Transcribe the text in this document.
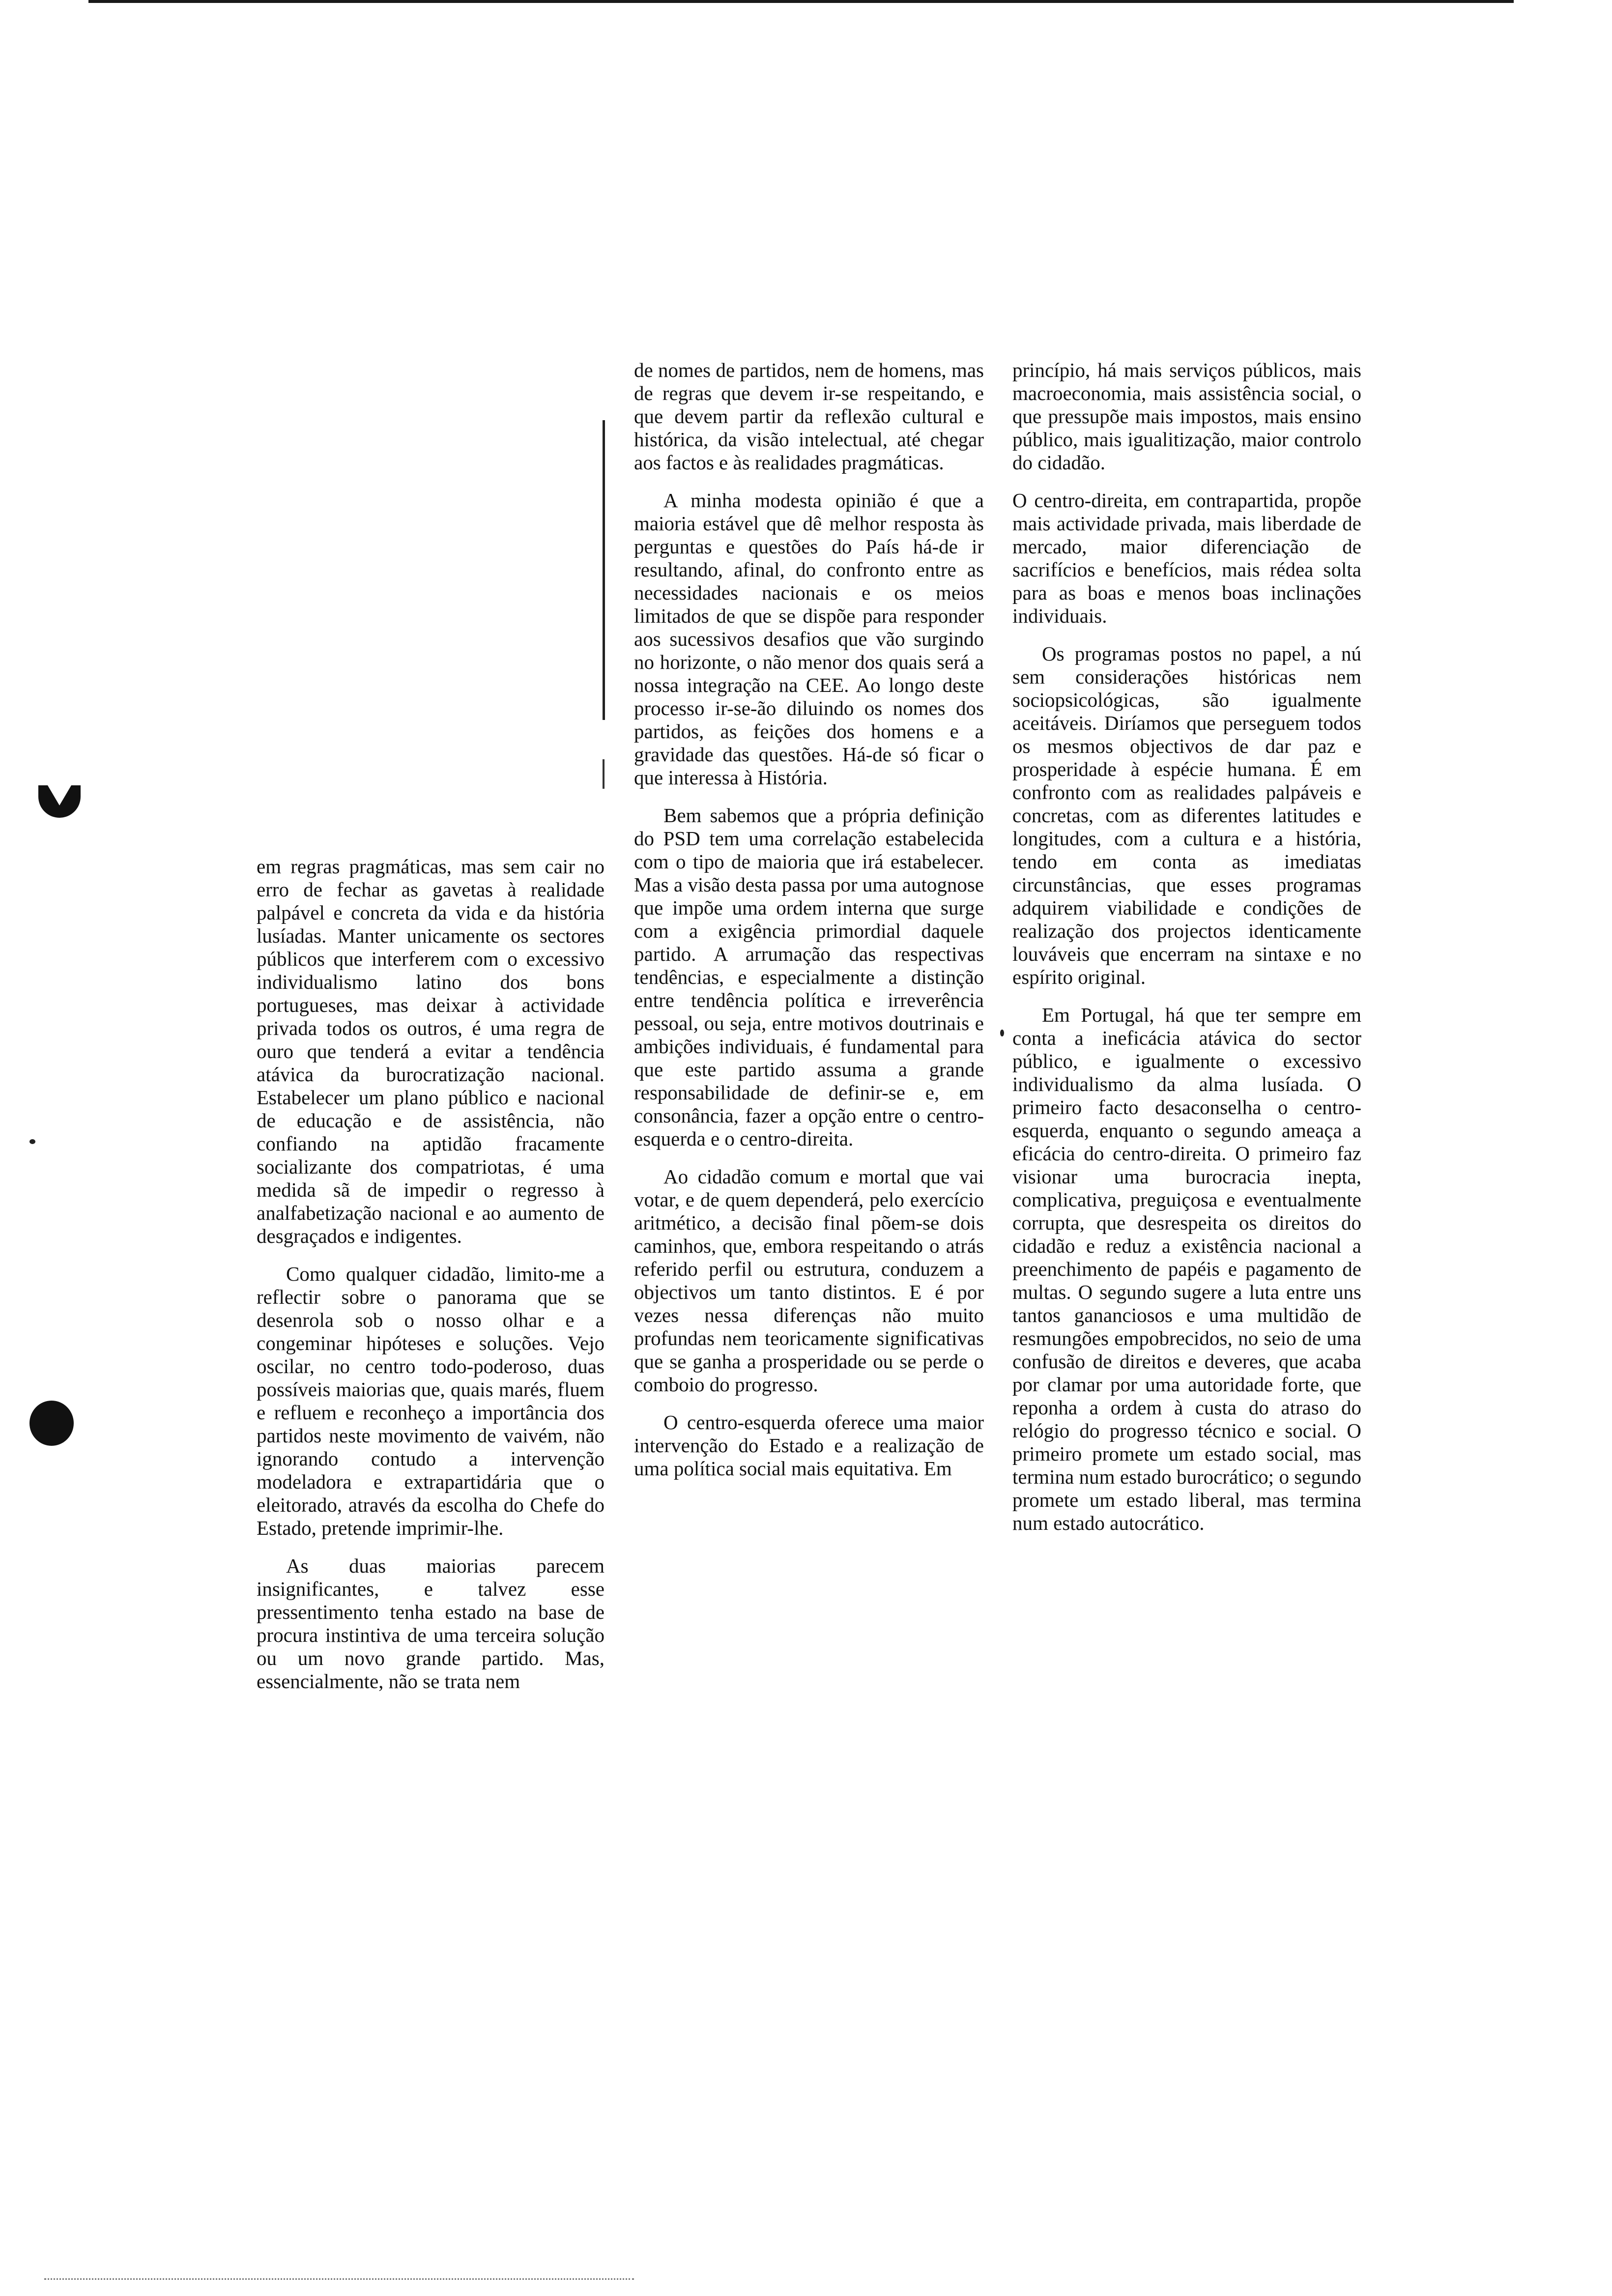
em regras pragmáticas, mas sem cair no erro de fechar as gavetas à realidade palpável e concreta da vida e da história lusíadas. Manter unicamente os sectores públicos que interferem com o excessivo individualismo latino dos bons portugueses, mas deixar à actividade privada todos os outros, é uma regra de ouro que tenderá a evitar a tendência atávica da burocratização nacional. Estabelecer um plano público e nacional de educação e de assistência, não confiando na aptidão fracamente socializante dos compatriotas, é uma medida sã de impedir o regresso à analfabetização nacional e ao aumento de desgraçados e indigentes.

Como qualquer cidadão, limito-me a reflectir sobre o panorama que se desenrola sob o nosso olhar e a congeminar hipóteses e soluções. Vejo oscilar, no centro todo-poderoso, duas possíveis maiorias que, quais marés, fluem e refluem e reconheço a importância dos partidos neste movimento de vaivém, não ignorando contudo a intervenção modeladora e extrapartidária que o eleitorado, através da escolha do Chefe do Estado, pretende imprimir-lhe.

As duas maiorias parecem insignificantes, e talvez esse pressentimento tenha estado na base de procura instintiva de uma terceira solução ou um novo grande partido. Mas, essencialmente, não se trata nem

de nomes de partidos, nem de homens, mas de regras que devem ir-se respeitando, e que devem partir da reflexão cultural e histórica, da visão intelectual, até chegar aos factos e às realidades pragmáticas.

A minha modesta opinião é que a maioria estável que dê melhor resposta às perguntas e questões do País há-de ir resultando, afinal, do confronto entre as necessidades nacionais e os meios limitados de que se dispõe para responder aos sucessivos desafios que vão surgindo no horizonte, o não menor dos quais será a nossa integração na CEE. Ao longo deste processo ir-se-ão diluindo os nomes dos partidos, as feições dos homens e a gravidade das questões. Há-de só ficar o que interessa à História.

Bem sabemos que a própria definição do PSD tem uma correlação estabelecida com o tipo de maioria que irá estabelecer. Mas a visão desta passa por uma autognose que impõe uma ordem interna que surge com a exigência primordial daquele partido. A arrumação das respectivas tendências, e especialmente a distinção entre tendência política e irreverência pessoal, ou seja, entre motivos doutrinais e ambições individuais, é fundamental para que este partido assuma a grande responsabilidade de definir-se e, em consonância, fazer a opção entre o centro-esquerda e o centro-direita.

Ao cidadão comum e mortal que vai votar, e de quem dependerá, pelo exercício aritmético, a decisão final põem-se dois caminhos, que, embora respeitando o atrás referido perfil ou estrutura, conduzem a objectivos um tanto distintos. E é por vezes nessa diferenças não muito profundas nem teoricamente significativas que se ganha a prosperidade ou se perde o comboio do progresso.

O centro-esquerda oferece uma maior intervenção do Estado e a realização de uma política social mais equitativa. Em

princípio, há mais serviços públicos, mais macroeconomia, mais assistência social, o que pressupõe mais impostos, mais ensino público, mais igualitização, maior controlo do cidadão.

O centro-direita, em contrapartida, propõe mais actividade privada, mais liberdade de mercado, maior diferenciação de sacrifícios e benefícios, mais rédea solta para as boas e menos boas inclinações individuais.

Os programas postos no papel, a nú sem considerações históricas nem sociopsicológicas, são igualmente aceitáveis. Diríamos que perseguem todos os mesmos objectivos de dar paz e prosperidade à espécie humana. É em confronto com as realidades palpáveis e concretas, com as diferentes latitudes e longitudes, com a cultura e a história, tendo em conta as imediatas circunstâncias, que esses programas adquirem viabilidade e condições de realização dos projectos identicamente louváveis que encerram na sintaxe e no espírito original.

Em Portugal, há que ter sempre em conta a ineficácia atávica do sector público, e igualmente o excessivo individualismo da alma lusíada. O primeiro facto desaconselha o centro-esquerda, enquanto o segundo ameaça a eficácia do centro-direita. O primeiro faz visionar uma burocracia inepta, complicativa, preguiçosa e eventualmente corrupta, que desrespeita os direitos do cidadão e reduz a existência nacional a preenchimento de papéis e pagamento de multas. O segundo sugere a luta entre uns tantos gananciosos e uma multidão de resmungões empobrecidos, no seio de uma confusão de direitos e deveres, que acaba por clamar por uma autoridade forte, que reponha a ordem à custa do atraso do relógio do progresso técnico e social. O primeiro promete um estado social, mas termina num estado burocrático; o segundo promete um estado liberal, mas termina num estado autocrático.
